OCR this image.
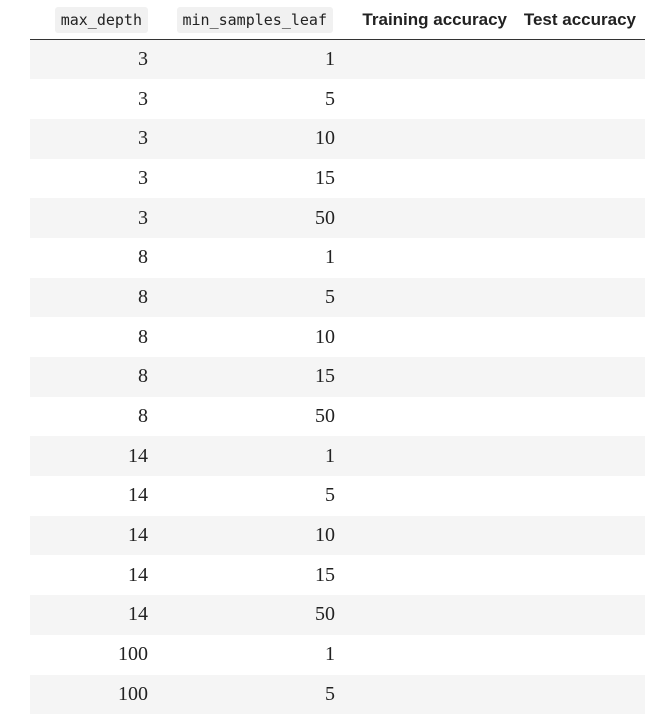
max_depth	min_samples_leaf	Training accuracy	Test accuracy
3	1		
3	5		
3	10		
3	15		
3	50		
8	1		
8	5		
8	10		
8	15		
8	50		
14	1		
14	5		
14	10		
14	15		
14	50		
100	1		
100	5		
